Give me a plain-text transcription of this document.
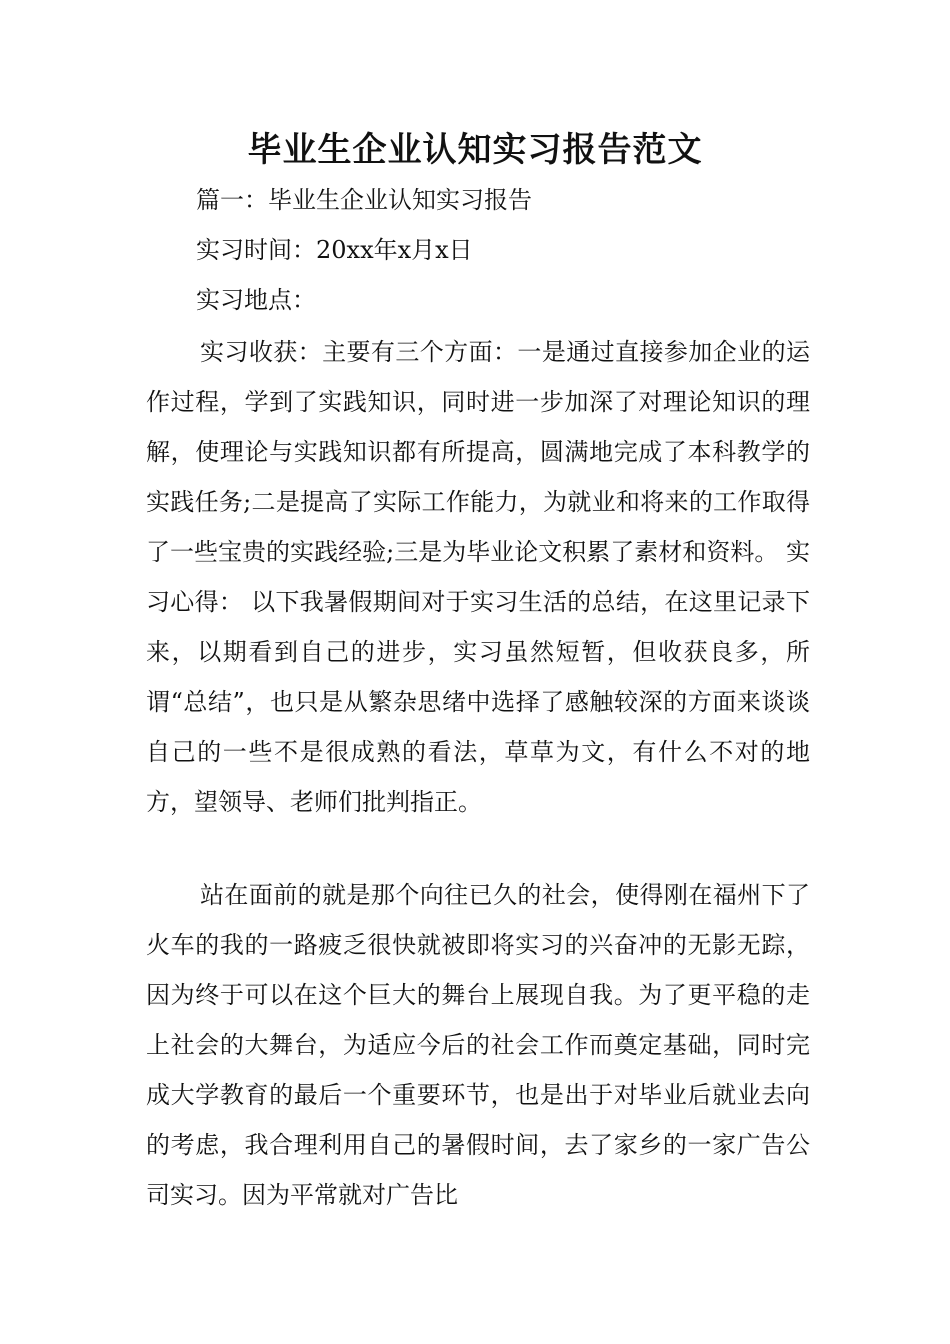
毕业生企业认知实习报告范文
篇一：毕业生企业认知实习报告
实习时间：20xx年x月x日
实习地点：

实习收获：主要有三个方面：一是通过直接参加企业的运作过程，学到了实践知识，同时进一步加深了对理论知识的理解，使理论与实践知识都有所提高，圆满地完成了本科教学的实践任务;二是提高了实际工作能力，为就业和将来的工作取得了一些宝贵的实践经验;三是为毕业论文积累了素材和资料。 实习心得： 以下我暑假期间对于实习生活的总结，在这里记录下来，以期看到自己的进步，实习虽然短暂，但收获良多，所谓“总结”，也只是从繁杂思绪中选择了感触较深的方面来谈谈自己的一些不是很成熟的看法，草草为文，有什么不对的地方，望领导、老师们批判指正。

站在面前的就是那个向往已久的社会，使得刚在福州下了火车的我的一路疲乏很快就被即将实习的兴奋冲的无影无踪，因为终于可以在这个巨大的舞台上展现自我。为了更平稳的走上社会的大舞台，为适应今后的社会工作而奠定基础，同时完成大学教育的最后一个重要环节，也是出于对毕业后就业去向的考虑，我合理利用自己的暑假时间，去了家乡的一家广告公司实习。因为平常就对广告比
